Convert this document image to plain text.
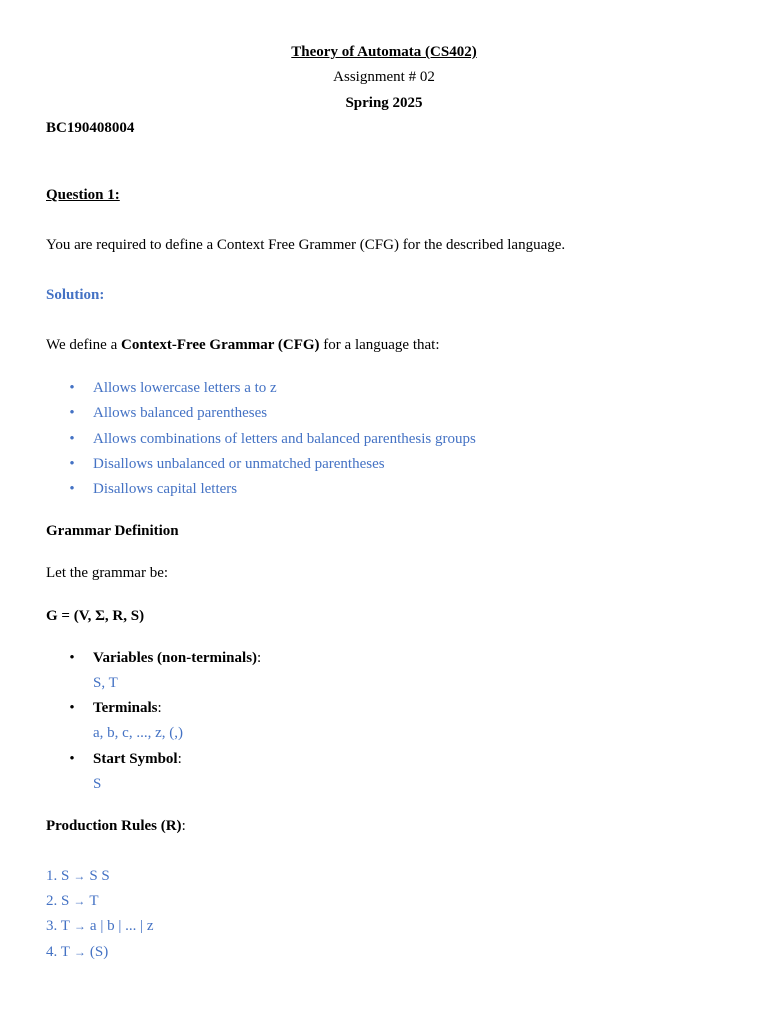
Theory of Automata (CS402)
Assignment # 02
Spring 2025
BC190408004
Question 1:
You are required to define a Context Free Grammer (CFG) for the described language.
Solution:
We define a Context-Free Grammar (CFG) for a language that:
• Allows lowercase letters a to z
• Allows balanced parentheses
• Allows combinations of letters and balanced parenthesis groups
• Disallows unbalanced or unmatched parentheses
• Disallows capital letters
Grammar Definition
Let the grammar be:
G = (V, Σ, R, S)
• Variables (non-terminals):
S, T
• Terminals:
a, b, c, ..., z, (,)
• Start Symbol:
S
Production Rules (R):
1. S → S S
2. S → T
3. T → a | b | ... | z
4. T → (S)
